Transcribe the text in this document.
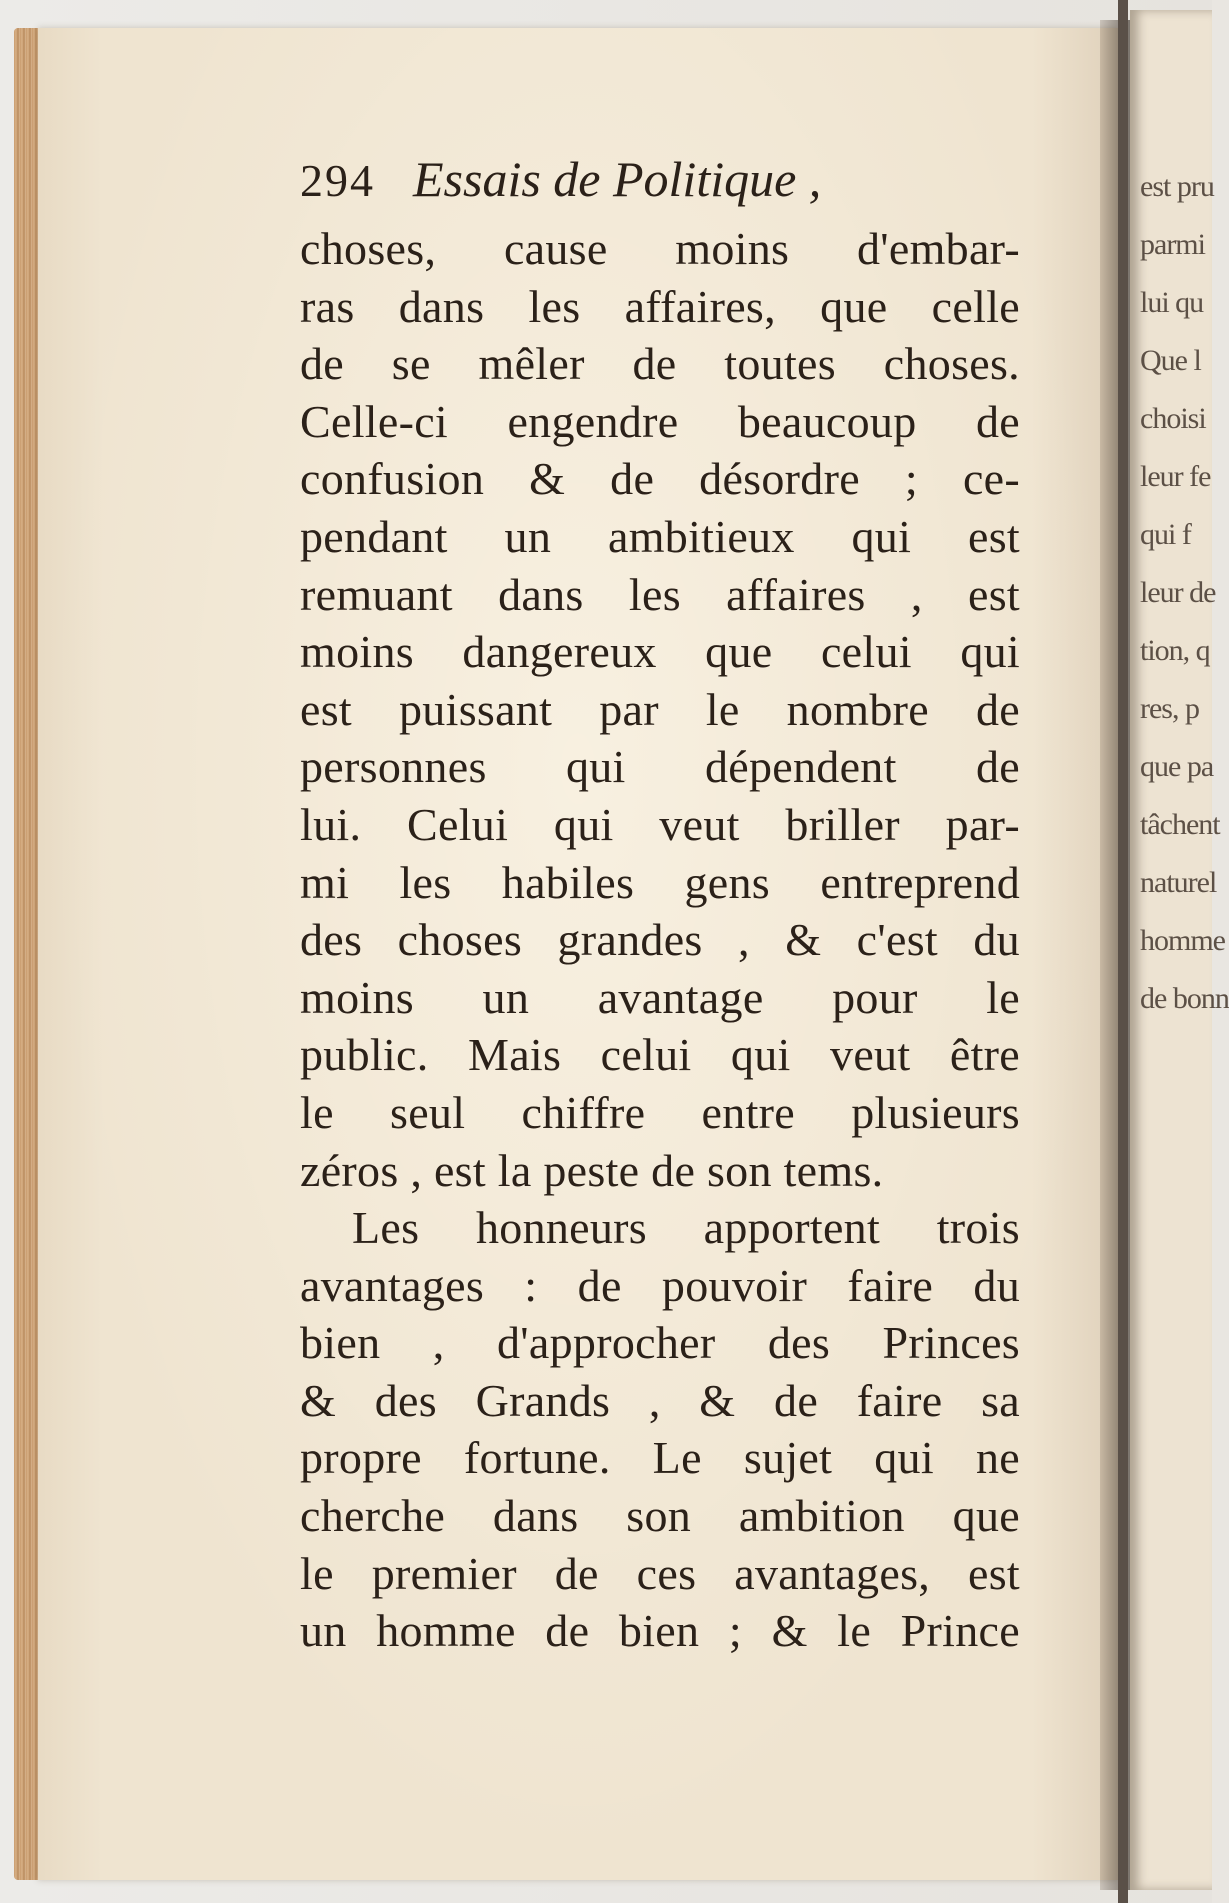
est pru
parmi
lui qu
Que l
choisi
leur fe
qui f
leur de
tion, q
res, p
que pa
tâchent
naturel
homme
de bonn
294 Essais de Politique ,
choses, cause moins d'embar-
ras dans les affaires, que celle
de se mêler de toutes choses.
Celle-ci engendre beaucoup de
confusion & de désordre ; ce-
pendant un ambitieux qui est
remuant dans les affaires , est
moins dangereux que celui qui
est puissant par le nombre de
personnes qui dépendent de
lui. Celui qui veut briller par-
mi les habiles gens entreprend
des choses grandes , & c'est du
moins un avantage pour le
public. Mais celui qui veut être
le seul chiffre entre plusieurs
zéros , est la peste de son tems.
Les honneurs apportent trois
avantages : de pouvoir faire du
bien , d'approcher des Princes
& des Grands , & de faire sa
propre fortune. Le sujet qui ne
cherche dans son ambition que
le premier de ces avantages, est
un homme de bien ; & le Prince
